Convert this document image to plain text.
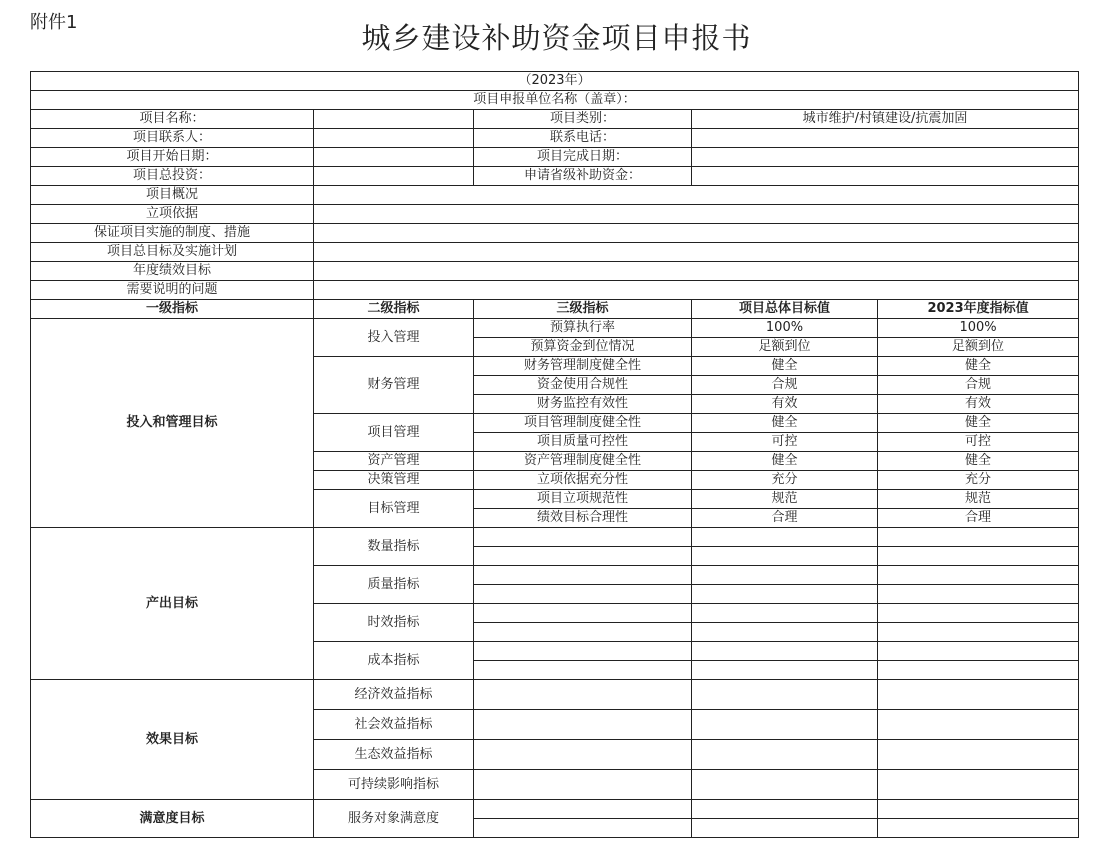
附件1	城乡建设补助资金项目申报书
（2023年）				
项目申报单位名称（盖章）：				
项目名称：		项目类别：	城市维护/村镇建设/抗震加固	
项目联系人：		联系电话：		
项目开始日期：		项目完成日期：		
项目总投资：		申请省级补助资金：		
项目概况				
立项依据				
保证项目实施的制度、措施				
项目总目标及实施计划				
年度绩效目标				
需要说明的问题				
一级指标	二级指标	三级指标	项目总体目标值	2023年度指标值
投入和管理目标	投入管理	预算执行率	100%	100%
		预算资金到位情况	足额到位	足额到位
	财务管理	财务管理制度健全性	健全	健全
		资金使用合规性	合规	合规
		财务监控有效性	有效	有效
	项目管理	项目管理制度健全性	健全	健全
		项目质量可控性	可控	可控
	资产管理	资产管理制度健全性	健全	健全
	决策管理	立项依据充分性	充分	充分
	目标管理	项目立项规范性	规范	规范
		绩效目标合理性	合理	合理
产出目标	数量指标			

	质量指标			

	时效指标			

	成本指标			

效果目标	经济效益指标			
	社会效益指标			
	生态效益指标			
	可持续影响指标			
满意度目标	服务对象满意度			
